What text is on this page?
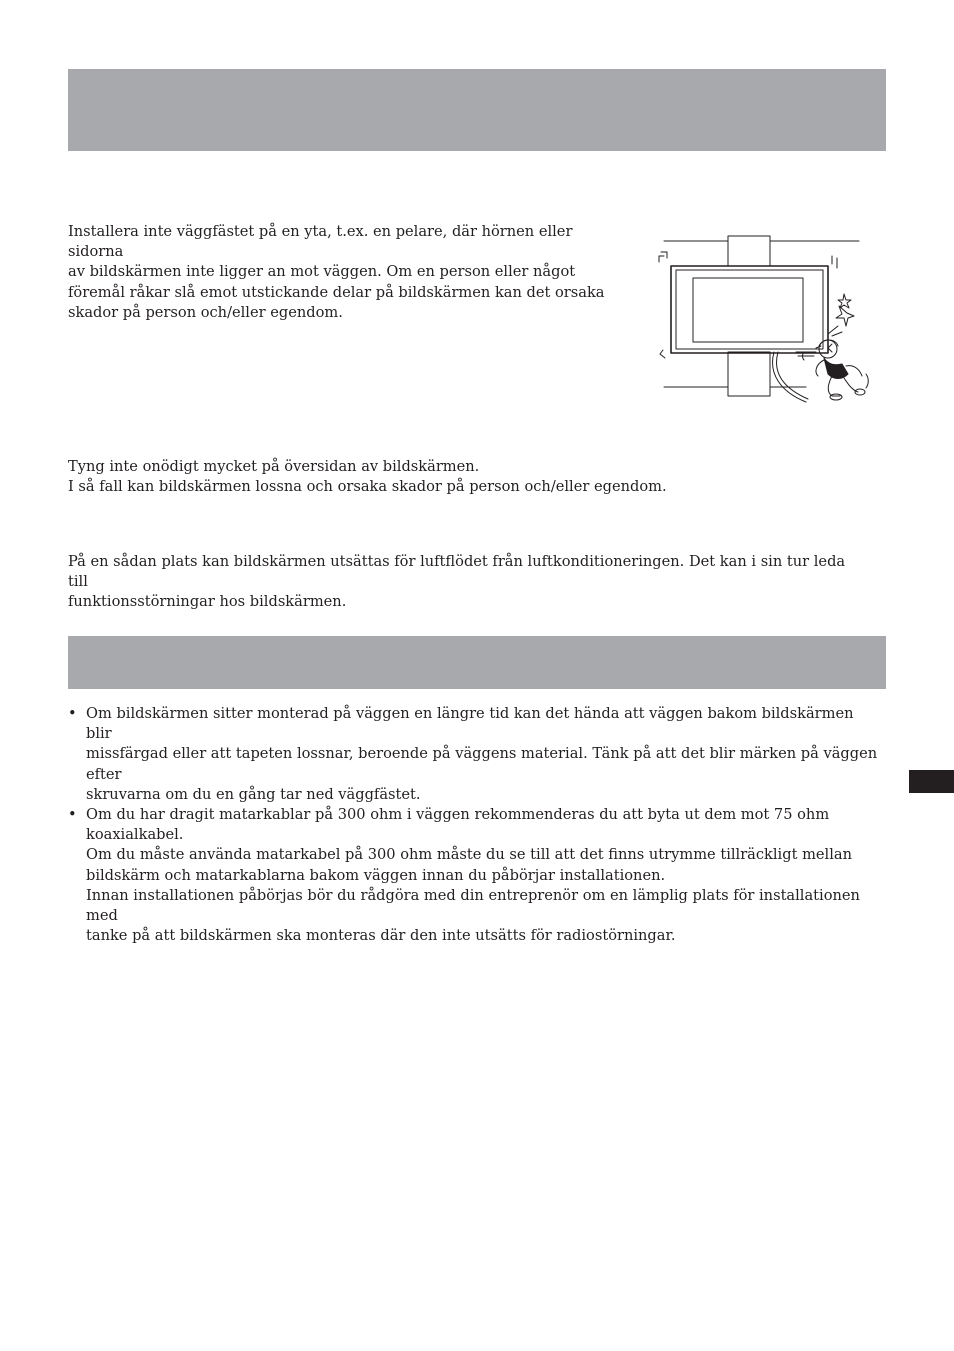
Installera inte väggfästet på en yta, t.ex. en pelare, där hörnen eller sidorna
av bildskärmen inte ligger an mot väggen. Om en person eller något
föremål råkar slå emot utstickande delar på bildskärmen kan det orsaka
skador på person och/eller egendom.

Tyng inte onödigt mycket på översidan av bildskärmen.
I så fall kan bildskärmen lossna och orsaka skador på person och/eller egendom.

På en sådan plats kan bildskärmen utsättas för luftflödet från luftkonditioneringen. Det kan i sin tur leda till
funktionsstörningar hos bildskärmen.

• Om bildskärmen sitter monterad på väggen en längre tid kan det hända att väggen bakom bildskärmen blir
missfärgad eller att tapeten lossnar, beroende på väggens material. Tänk på att det blir märken på väggen efter
skruvarna om du en gång tar ned väggfästet.
• Om du har dragit matarkablar på 300 ohm i väggen rekommenderas du att byta ut dem mot 75 ohm
koaxialkabel.
Om du måste använda matarkabel på 300 ohm måste du se till att det finns utrymme tillräckligt mellan
bildskärm och matarkablarna bakom väggen innan du påbörjar installationen.
Innan installationen påbörjas bör du rådgöra med din entreprenör om en lämplig plats för installationen med
tanke på att bildskärmen ska monteras där den inte utsätts för radiostörningar.
